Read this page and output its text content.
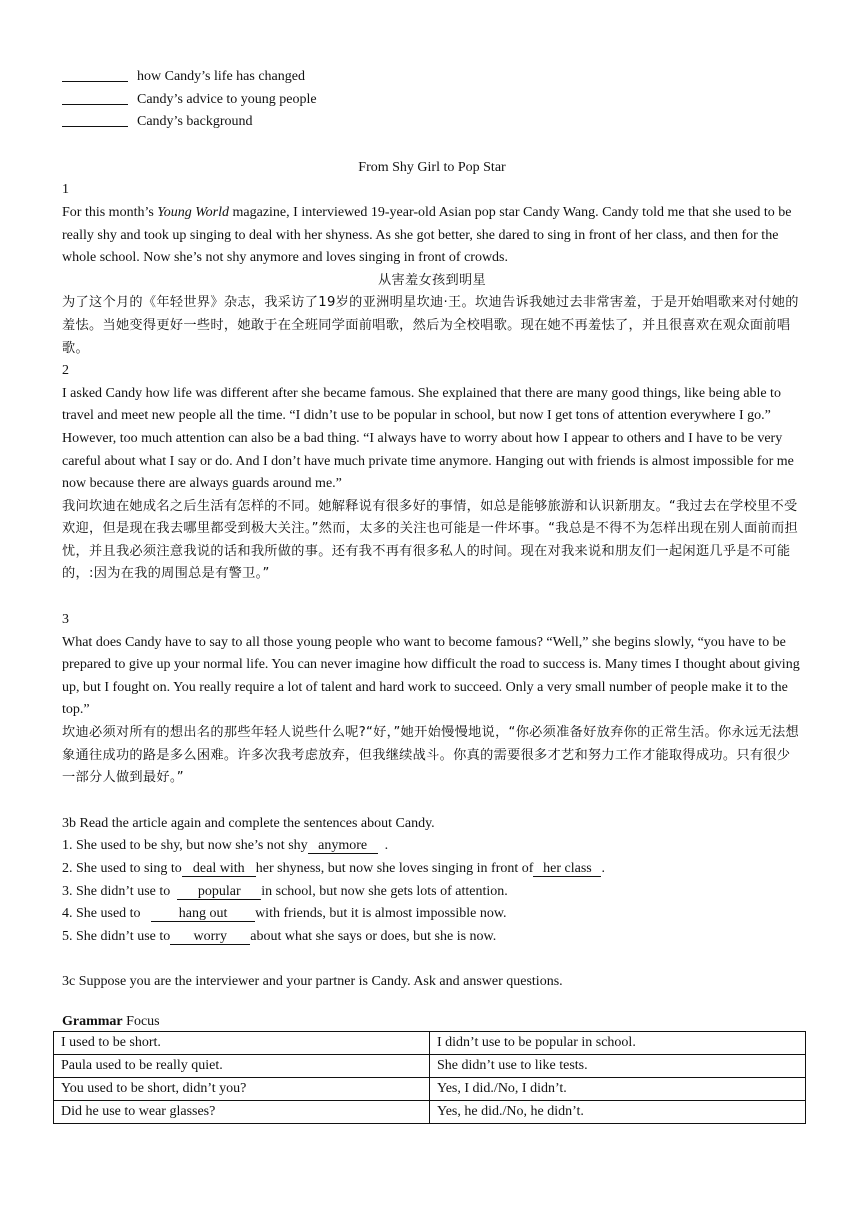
how Candy’s life has changed
Candy’s advice to young people
Candy’s background
From Shy Girl to Pop Star
1
For this month’s Young World magazine, I interviewed 19-year-old Asian pop star Candy Wang. Candy told me that she used to be really shy and took up singing to deal with her shyness. As she got better, she dared to sing in front of her class, and then for the whole school. Now she’s not shy anymore and loves singing in front of crowds.
从害羞女孩到明星
为了这个月的《年轻世界》杂志，我采访了19岁的亚洲明星坎迪·王。坎迪告诉我她过去非常害羞，于是开始唱歌来对付她的羞怯。当她变得更好一些时，她敢于在全班同学面前唱歌，然后为全校唱歌。现在她不再羞怯了，并且很喜欢在观众面前唱歌。
2
I asked Candy how life was different after she became famous. She explained that there are many good things, like being able to travel and meet new people all the time. “I didn’t use to be popular in school, but now I get tons of attention everywhere I go.” However, too much attention can also be a bad thing. “I always have to worry about how I appear to others and I have to be very careful about what I say or do. And I don’t have much private time anymore. Hanging out with friends is almost impossible for me now because there are always guards around me.”
我问坎迪在她成名之后生活有怎样的不同。她解释说有很多好的事情，如总是能够旅游和认识新朋友。“我过去在学校里不受欢迎，但是现在我去哪里都受到极大关注。”然而，太多的关注也可能是一件坏事。“我总是不得不为怎样出现在别人面前而担忧，并且我必须注意我说的话和我所做的事。还有我不再有很多私人的时间。现在对我来说和朋友们一起闲逛几乎是不可能的，:因为在我的周围总是有警卫。”
3
What does Candy have to say to all those young people who want to become famous? “Well,” she begins slowly, “you have to be prepared to give up your normal life. You can never imagine how difficult the road to success is. Many times I thought about giving up, but I fought on. You really require a lot of talent and hard work to succeed. Only a very small number of people make it to the top.”
坎迪必须对所有的想出名的那些年轻人说些什么呢?“好，”她开始慢慢地说，“你必须准备好放弃你的正常生活。你永远无法想象通往成功的路是多么困难。许多次我考虑放弃，但我继续战斗。你真的需要很多才艺和努力工作才能取得成功。只有很少一部分人做到最好。”
3b Read the article again and complete the sentences about Candy.
1. She used to be shy, but now she’s not shy anymore .
2. She used to sing to deal with her shyness, but now she loves singing in front of her class .
3. She didn’t use to popular in school, but now she gets lots of attention.
4. She used to	hang out with friends, but it is almost impossible now.
5. She didn’t use to worry about what she says or does, but she is now.
3c Suppose you are the interviewer and your partner is Candy. Ask and answer questions.
Grammar Focus
I used to be short.	I didn’t use to be popular in school.
Paula used to be really quiet.	She didn’t use to like tests.
You used to be short, didn’t you?	Yes, I did./No, I didn’t.
Did he use to wear glasses?	Yes, he did./No, he didn’t.
